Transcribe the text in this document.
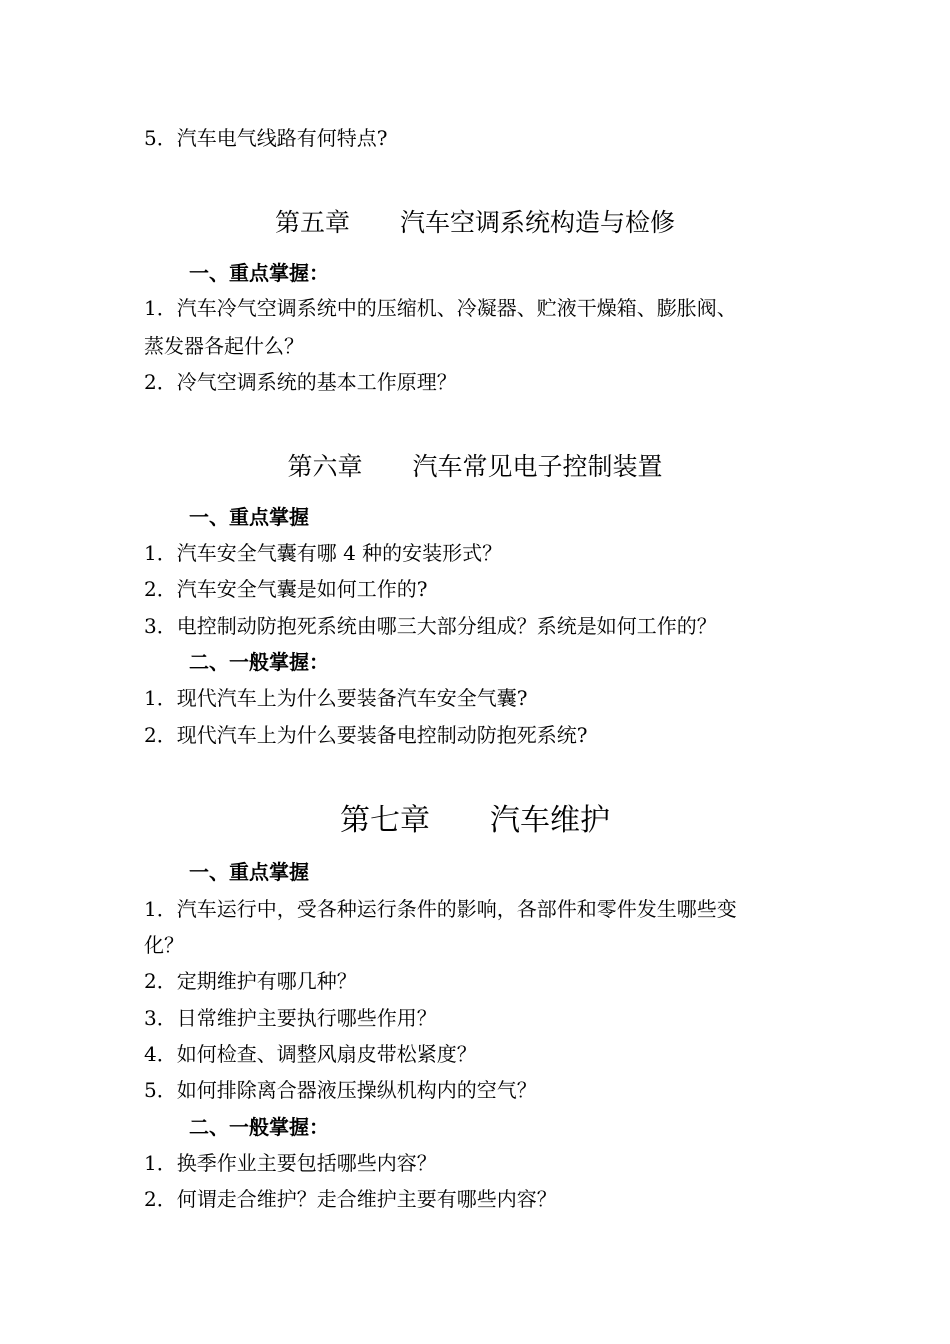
5．汽车电气线路有何特点?
第五章 汽车空调系统构造与检修
一、重点掌握：
1．汽车冷气空调系统中的压缩机、冷凝器、贮液干燥箱、膨胀阀、
蒸发器各起什么？
2．冷气空调系统的基本工作原理？
第六章 汽车常见电子控制装置
一、重点掌握
1．汽车安全气囊有哪 4 种的安装形式？
2．汽车安全气囊是如何工作的?
3．电控制动防抱死系统由哪三大部分组成？系统是如何工作的？
二、一般掌握：
1．现代汽车上为什么要装备汽车安全气囊?
2．现代汽车上为什么要装备电控制动防抱死系统?
第七章 汽车维护
一、重点掌握
1．汽车运行中，受各种运行条件的影响，各部件和零件发生哪些变
化？
2．定期维护有哪几种？
3．日常维护主要执行哪些作用？
4．如何检查、调整风扇皮带松紧度？
5．如何排除离合器液压操纵机构内的空气？
二、一般掌握：
1．换季作业主要包括哪些内容？
2．何谓走合维护？走合维护主要有哪些内容？
